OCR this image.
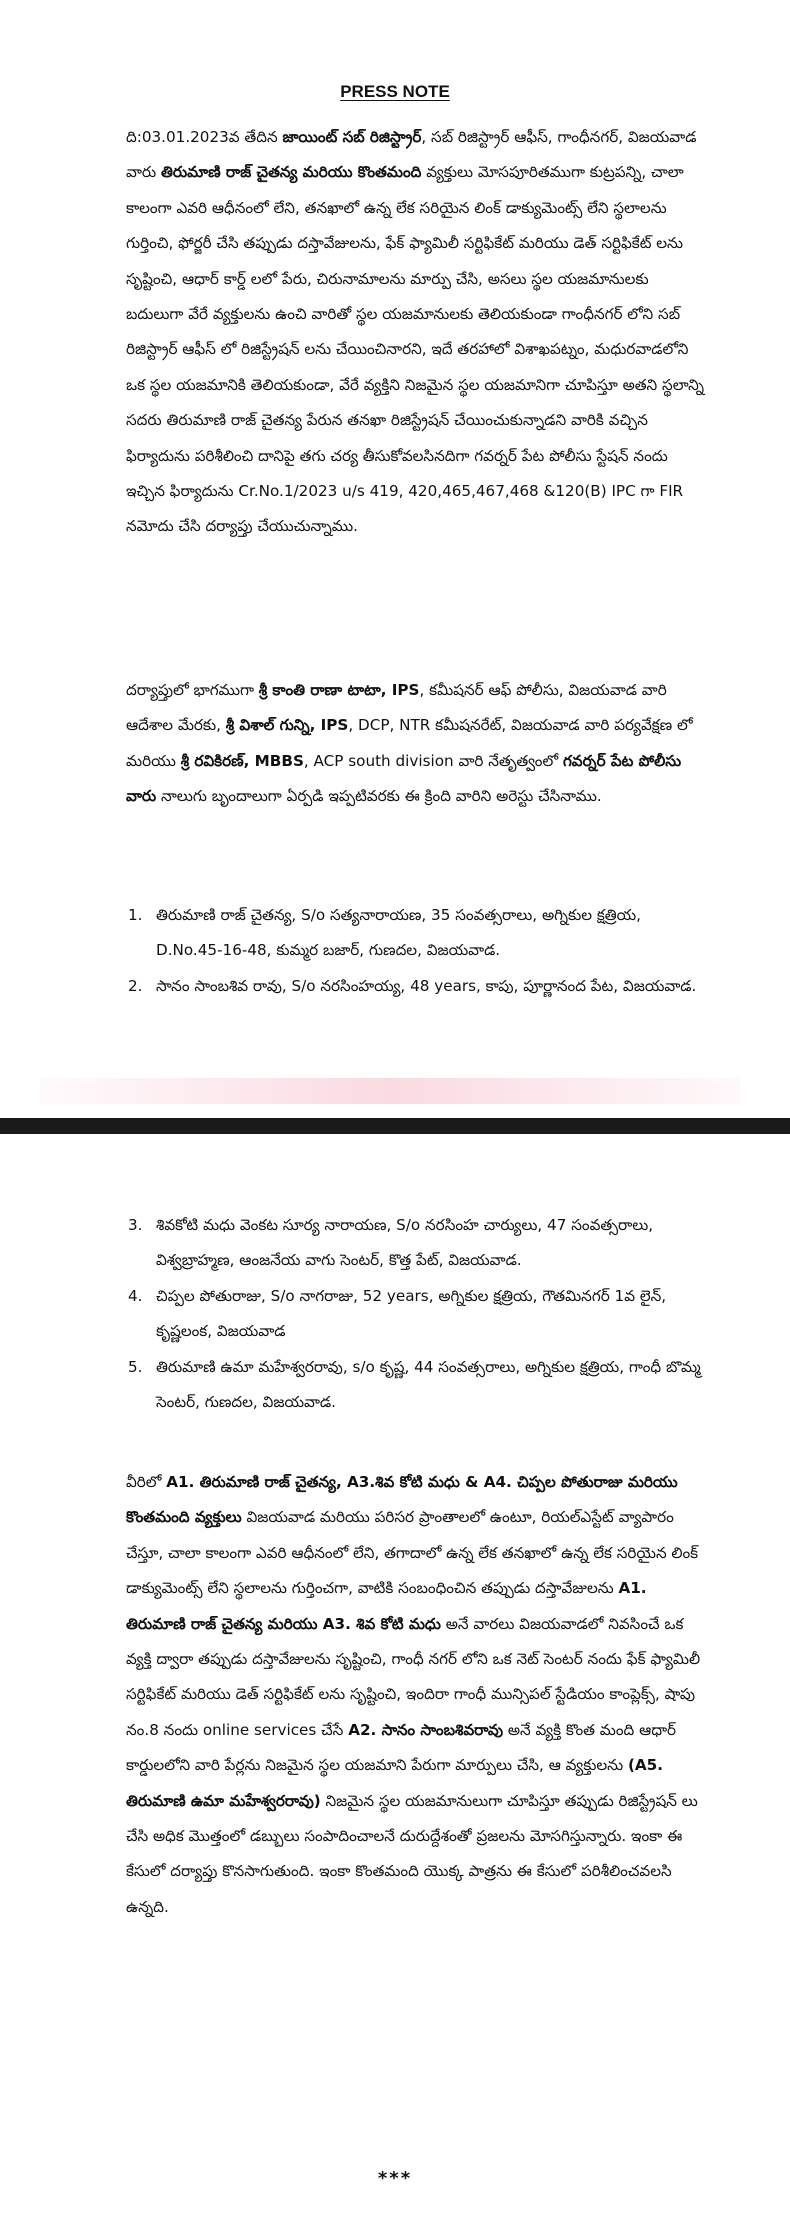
PRESS NOTE

ది:03.01.2023వ తేదిన జాయింట్ సబ్ రిజిస్ట్రార్, సబ్ రిజిస్ట్రార్ ఆఫీస్, గాంధీనగర్, విజయవాడ వారు తిరుమాణి రాజ్ చైతన్య మరియు కొంతమంది వ్యక్తులు మోసపూరితముగా కుట్రపన్ని, చాలా కాలంగా ఎవరి ఆధీనంలో లేని, తనఖాలో ఉన్న లేక సరియైన లింక్ డాక్యుమెంట్స్ లేని స్థలాలను గుర్తించి, ఫోర్జరీ చేసి తప్పుడు దస్తావేజులను, ఫేక్ ఫ్యామిలీ సర్టిఫికేట్ మరియు డెత్ సర్టిఫికేట్ లను సృష్టించి, ఆధార్ కార్డ్ లలో పేరు, చిరునామాలను మార్పు చేసి, అసలు స్థల యజమానులకు బదులుగా వేరే వ్యక్తులను ఉంచి వారితో స్థల యజమానులకు తెలియకుండా గాంధీనగర్ లోని సబ్ రిజిస్ట్రార్ ఆఫీస్ లో రిజిస్ట్రేషన్ లను చేయించినారని, ఇదే తరహాలో విశాఖపట్నం, మధురవాడలోని ఒక స్థల యజమానికి తెలియకుండా, వేరే వ్యక్తిని నిజమైన స్థల యజమానిగా చూపిస్తూ అతని స్థలాన్ని సదరు తిరుమాణి రాజ్ చైతన్య పేరున తనఖా రిజిస్ట్రేషన్ చేయించుకున్నాడని వారికి వచ్చిన ఫిర్యాదును పరిశీలించి దానిపై తగు చర్య తీసుకోవలసినదిగా గవర్నర్ పేట పోలీసు స్టేషన్ నందు ఇచ్చిన ఫిర్యాదును Cr.No.1/2023 u/s 419, 420,465,467,468 &120(B) IPC గా FIR నమోదు చేసి దర్యాప్తు చేయుచున్నాము.

దర్యాప్తులో భాగముగా శ్రీ కాంతి రాణా టాటా, IPS, కమీషనర్ ఆఫ్ పోలీసు, విజయవాడ వారి ఆదేశాల మేరకు, శ్రీ విశాల్ గున్ని, IPS, DCP, NTR కమీషనరేట్, విజయవాడ వారి పర్యవేక్షణ లో మరియు శ్రీ రవికిరణ్, MBBS, ACP south division వారి నేతృత్వంలో గవర్నర్ పేట పోలీసు వారు నాలుగు బృందాలుగా ఏర్పడి ఇప్పటివరకు ఈ క్రింది వారిని అరెస్టు చేసినాము.

1. తిరుమాణి రాజ్ చైతన్య, S/o సత్యనారాయణ, 35 సంవత్సరాలు, అగ్నికుల క్షత్రియ, D.No.45-16-48, కుమ్మర బజార్, గుణదల, విజయవాడ.
2. సానం సాంబశివ రావు, S/o నరసింహయ్య, 48 years, కాపు, పూర్ణానంద పేట, విజయవాడ.
3. శివకోటి మధు వెంకట సూర్య నారాయణ, S/o నరసింహ చార్యులు, 47 సంవత్సరాలు, విశ్వబ్రాహ్మణ, ఆంజనేయ వాగు సెంటర్, కొత్త పేట్, విజయవాడ.
4. చిప్పల పోతురాజు, S/o నాగరాజు, 52 years, అగ్నికుల క్షత్రియ, గౌతమినగర్ 1వ లైన్, కృష్ణలంక, విజయవాడ
5. తిరుమాణి ఉమా మహేశ్వరరావు, s/o కృష్ణ, 44 సంవత్సరాలు, అగ్నికుల క్షత్రియ, గాంధీ బొమ్మ సెంటర్, గుణదల, విజయవాడ.

వీరిలో A1. తిరుమాణి రాజ్ చైతన్య, A3.శివ కోటి మధు & A4. చిప్పల పోతురాజు మరియు కొంతమంది వ్యక్తులు విజయవాడ మరియు పరిసర ప్రాంతాలలో ఉంటూ, రియల్ఎస్టేట్ వ్యాపారం చేస్తూ, చాలా కాలంగా ఎవరి ఆధీనంలో లేని, తగాదాలో ఉన్న లేక తనఖాలో ఉన్న లేక సరియైన లింక్ డాక్యుమెంట్స్ లేని స్థలాలను గుర్తించగా, వాటికి సంబంధించిన తప్పుడు దస్తావేజులను A1. తిరుమాణి రాజ్ చైతన్య మరియు A3. శివ కోటి మధు అనే వారలు విజయవాడలో నివసించే ఒక వ్యక్తి ద్వారా తప్పుడు దస్తావేజులను సృష్టించి, గాంధీ నగర్ లోని ఒక నెట్ సెంటర్ నందు ఫేక్ ఫ్యామిలీ సర్టిఫికేట్ మరియు డెత్ సర్టిఫికేట్ లను సృష్టించి, ఇందిరా గాంధీ మున్సిపల్ స్టేడియం కాంప్లెక్స్, షాపు నం.8 నందు online services చేసే A2. సానం సాంబశివరావు అనే వ్యక్తి కొంత మంది ఆధార్ కార్డులలోని వారి పేర్లను నిజమైన స్థల యజమాని పేరుగా మార్పులు చేసి, ఆ వ్యక్తులను (A5. తిరుమాణి ఉమా మహేశ్వరరావు) నిజమైన స్థల యజమానులుగా చూపిస్తూ తప్పుడు రిజిస్ట్రేషన్ లు చేసి అధిక మొత్తంలో డబ్బులు సంపాదించాలనే దురుద్దేశంతో ప్రజలను మోసగిస్తున్నారు. ఇంకా ఈ కేసులో దర్యాప్తు కొనసాగుతుంది. ఇంకా కొంతమంది యొక్క పాత్రను ఈ కేసులో పరిశీలించవలసి ఉన్నది.

***
